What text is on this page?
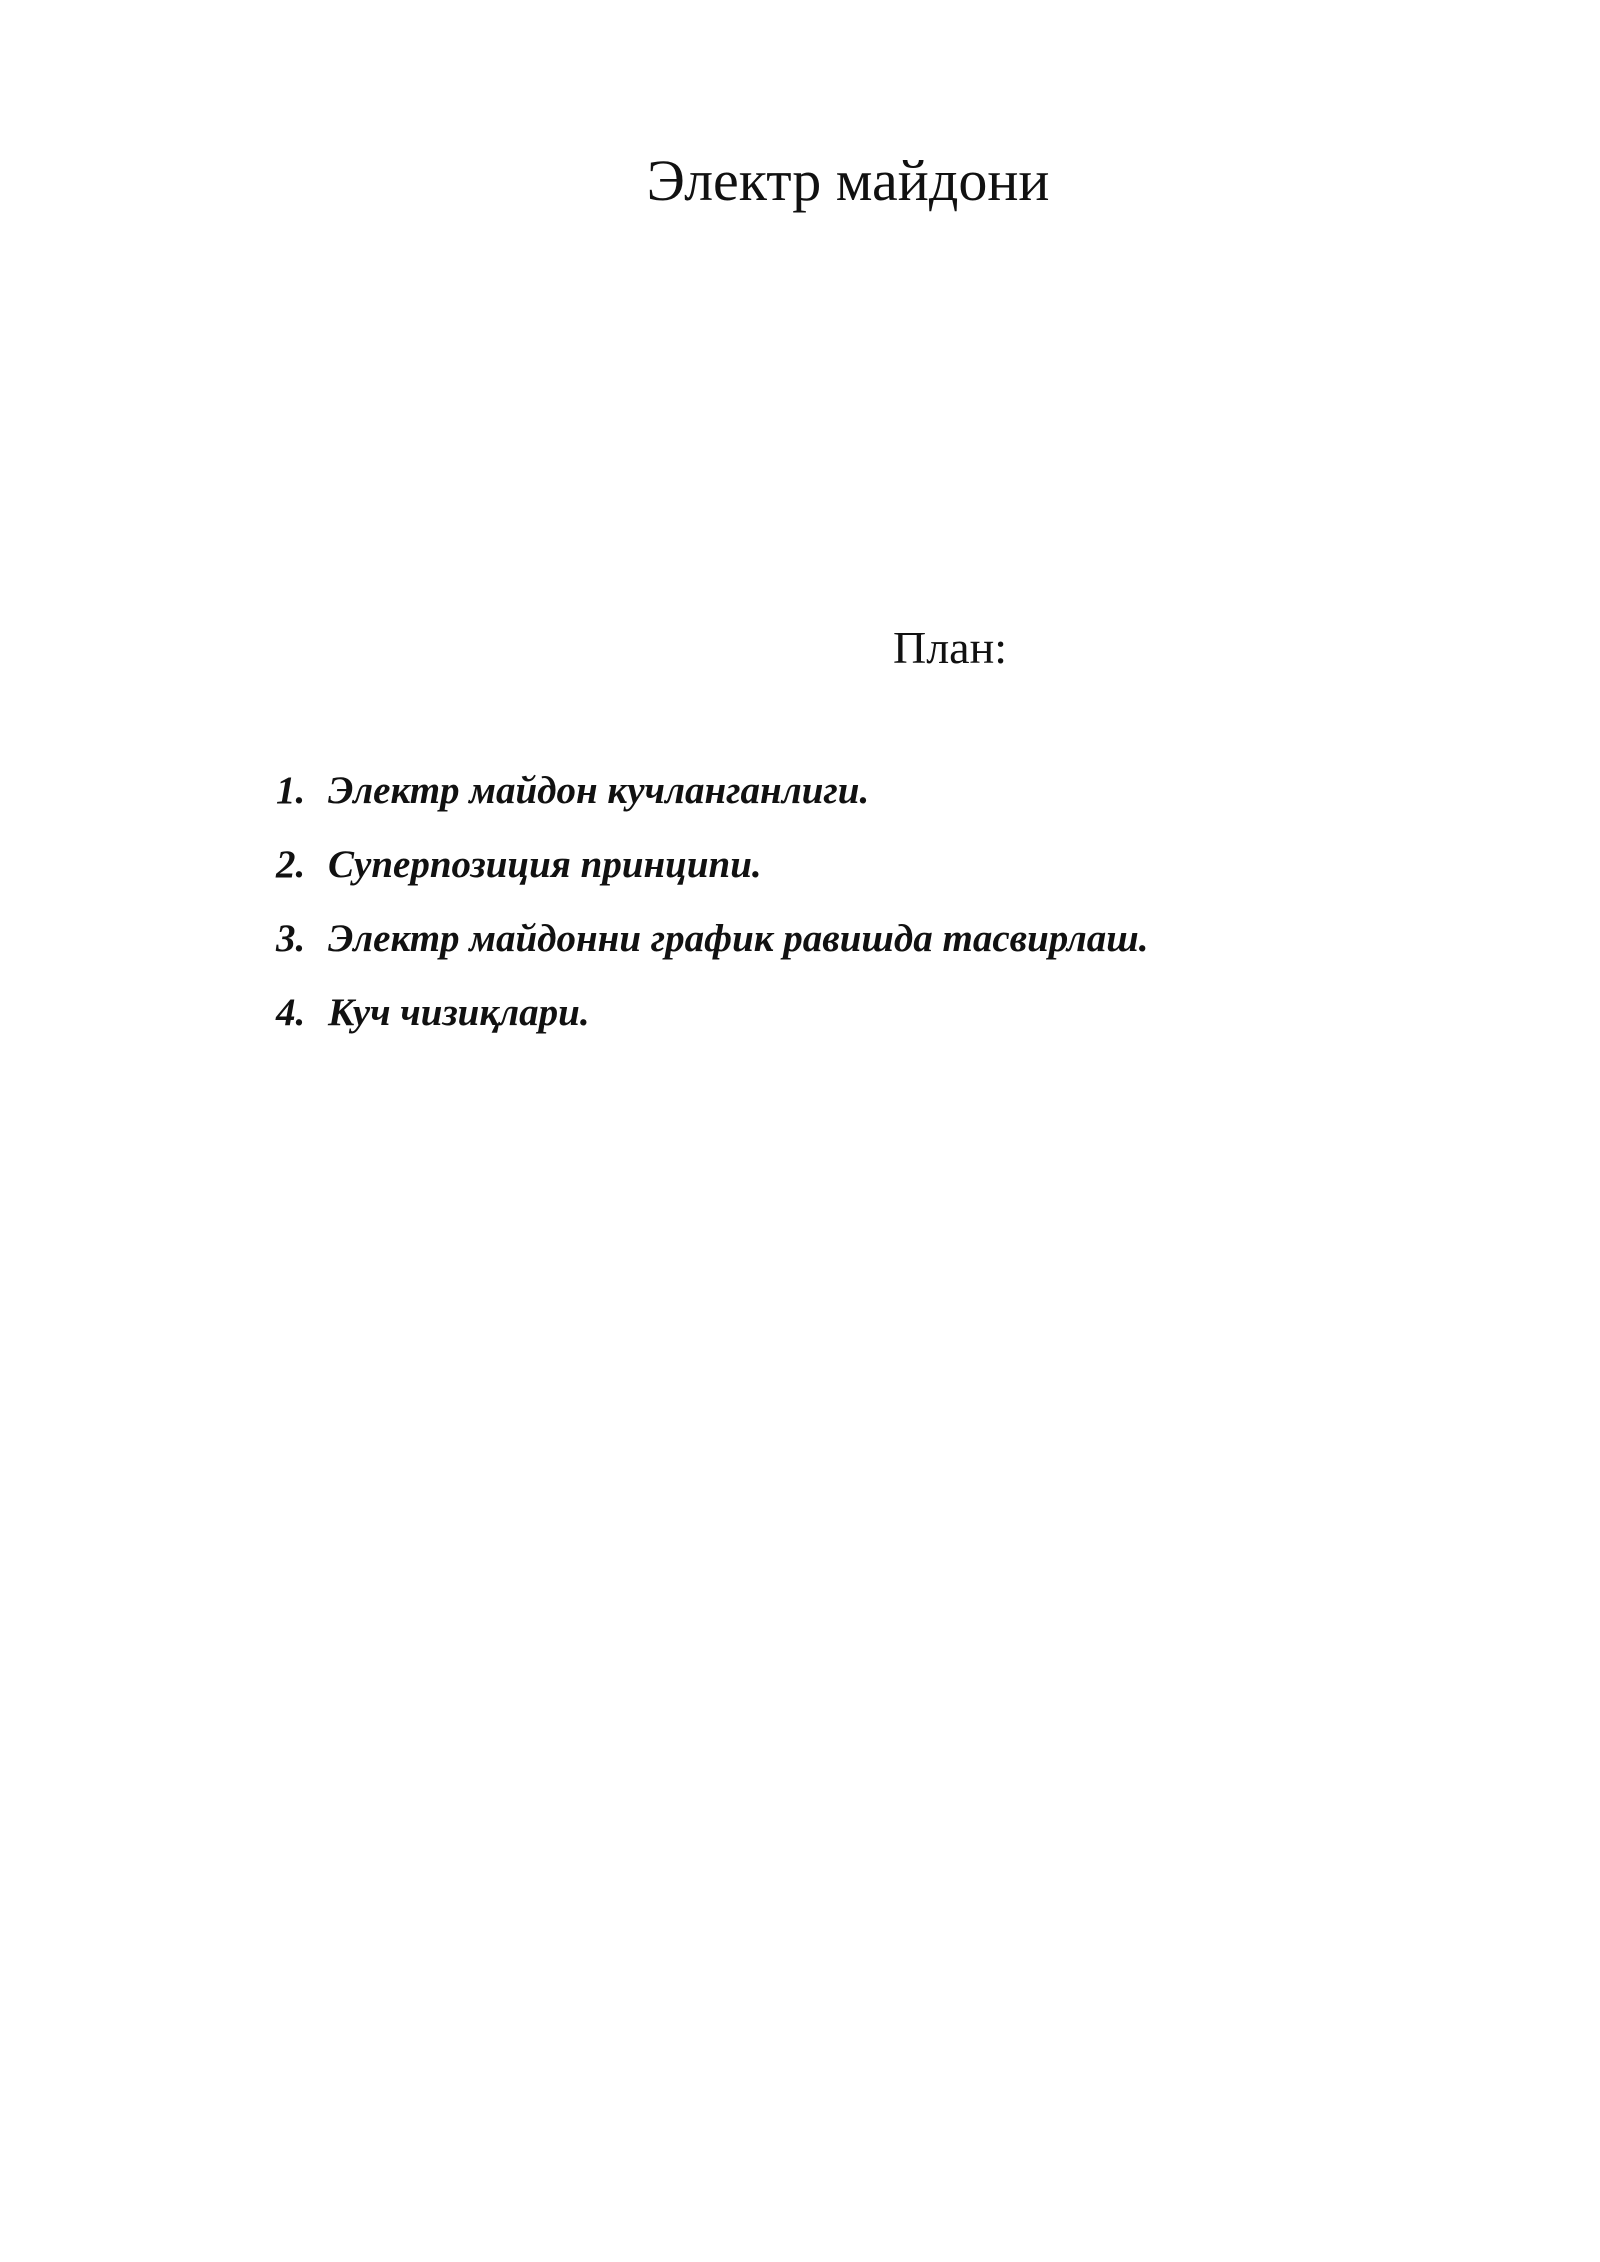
Электр майдони
План:
1. Электр майдон кучланганлиги.
2. Суперпозиция принципи.
3. Электр майдонни график равишда тасвирлаш.
4. Куч чизиқлари.
